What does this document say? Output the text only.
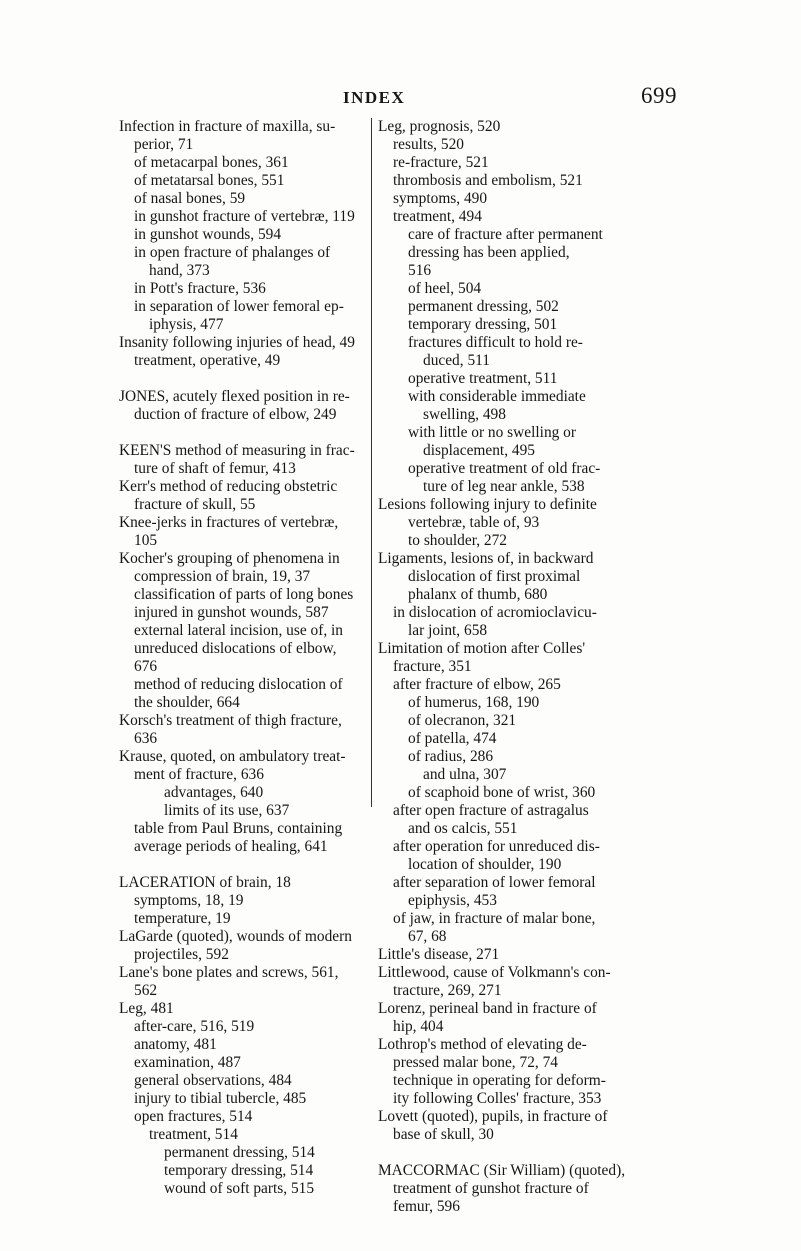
INDEX	699
Infection in fracture of maxilla, su-
perior, 71
of metacarpal bones, 361
of metatarsal bones, 551
of nasal bones, 59
in gunshot fracture of vertebræ, 119
in gunshot wounds, 594
in open fracture of phalanges of
hand, 373
in Pott's fracture, 536
in separation of lower femoral ep-
iphysis, 477
Insanity following injuries of head, 49
treatment, operative, 49
JONES, acutely flexed position in re-
duction of fracture of elbow, 249
KEEN'S method of measuring in frac-
ture of shaft of femur, 413
Kerr's method of reducing obstetric
fracture of skull, 55
Knee-jerks in fractures of vertebræ,
105
Kocher's grouping of phenomena in
compression of brain, 19, 37
classification of parts of long bones
injured in gunshot wounds, 587
external lateral incision, use of, in
unreduced dislocations of elbow,
676
method of reducing dislocation of
the shoulder, 664
Korsch's treatment of thigh fracture,
636
Krause, quoted, on ambulatory treat-
ment of fracture, 636
advantages, 640
limits of its use, 637
table from Paul Bruns, containing
average periods of healing, 641
LACERATION of brain, 18
symptoms, 18, 19
temperature, 19
LaGarde (quoted), wounds of modern
projectiles, 592
Lane's bone plates and screws, 561,
562
Leg, 481
after-care, 516, 519
anatomy, 481
examination, 487
general observations, 484
injury to tibial tubercle, 485
open fractures, 514
treatment, 514
permanent dressing, 514
temporary dressing, 514
wound of soft parts, 515
Leg, prognosis, 520
results, 520
re-fracture, 521
thrombosis and embolism, 521
symptoms, 490
treatment, 494
care of fracture after permanent
dressing has been applied,
516
of heel, 504
permanent dressing, 502
temporary dressing, 501
fractures difficult to hold re-
duced, 511
operative treatment, 511
with considerable immediate
swelling, 498
with little or no swelling or
displacement, 495
operative treatment of old frac-
ture of leg near ankle, 538
Lesions following injury to definite
vertebræ, table of, 93
to shoulder, 272
Ligaments, lesions of, in backward
dislocation of first proximal
phalanx of thumb, 680
in dislocation of acromioclavicu-
lar joint, 658
Limitation of motion after Colles'
fracture, 351
after fracture of elbow, 265
of humerus, 168, 190
of olecranon, 321
of patella, 474
of radius, 286
and ulna, 307
of scaphoid bone of wrist, 360
after open fracture of astragalus
and os calcis, 551
after operation for unreduced dis-
location of shoulder, 190
after separation of lower femoral
epiphysis, 453
of jaw, in fracture of malar bone,
67, 68
Little's disease, 271
Littlewood, cause of Volkmann's con-
tracture, 269, 271
Lorenz, perineal band in fracture of
hip, 404
Lothrop's method of elevating de-
pressed malar bone, 72, 74
technique in operating for deform-
ity following Colles' fracture, 353
Lovett (quoted), pupils, in fracture of
base of skull, 30
MACCORMAC (Sir William) (quoted),
treatment of gunshot fracture of
femur, 596
